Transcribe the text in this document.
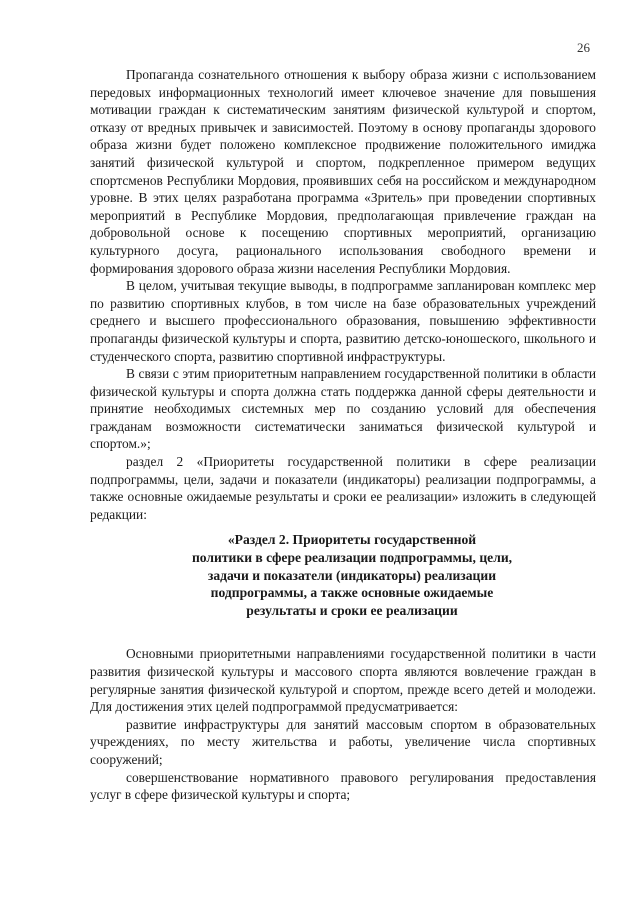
26

Пропаганда сознательного отношения к выбору образа жизни с использованием передовых информационных технологий имеет ключевое значение для повышения мотивации граждан к систематическим занятиям физической культурой и спортом, отказу от вредных привычек и зависимостей. Поэтому в основу пропаганды здорового образа жизни будет положено комплексное продвижение положительного имиджа занятий физической культурой и спортом, подкрепленное примером ведущих спортсменов Республики Мордовия, проявивших себя на российском и международном уровне. В этих целях разработана программа «Зритель» при проведении спортивных мероприятий в Республике Мордовия, предполагающая привлечение граждан на добровольной основе к посещению спортивных мероприятий, организацию культурного досуга, рационального использования свободного времени и формирования здорового образа жизни населения Республики Мордовия.

В целом, учитывая текущие выводы, в подпрограмме запланирован комплекс мер по развитию спортивных клубов, в том числе на базе образовательных учреждений среднего и высшего профессионального образования, повышению эффективности пропаганды физической культуры и спорта, развитию детско-юношеского, школьного и студенческого спорта, развитию спортивной инфраструктуры.

В связи с этим приоритетным направлением государственной политики в области физической культуры и спорта должна стать поддержка данной сферы деятельности и принятие необходимых системных мер по созданию условий для обеспечения гражданам возможности систематически заниматься физической культурой и спортом.»;

раздел 2 «Приоритеты государственной политики в сфере реализации подпрограммы, цели, задачи и показатели (индикаторы) реализации подпрограммы, а также основные ожидаемые результаты и сроки ее реализации» изложить в следующей редакции:

«Раздел 2. Приоритеты государственной
политики в сфере реализации подпрограммы, цели,
задачи и показатели (индикаторы) реализации
подпрограммы, а также основные ожидаемые
результаты и сроки ее реализации

Основными приоритетными направлениями государственной политики в части развития физической культуры и массового спорта являются вовлечение граждан в регулярные занятия физической культурой и спортом, прежде всего детей и молодежи. Для достижения этих целей подпрограммой предусматривается:

развитие инфраструктуры для занятий массовым спортом в образовательных учреждениях, по месту жительства и работы, увеличение числа спортивных сооружений;

совершенствование нормативного правового регулирования предоставления услуг в сфере физической культуры и спорта;
